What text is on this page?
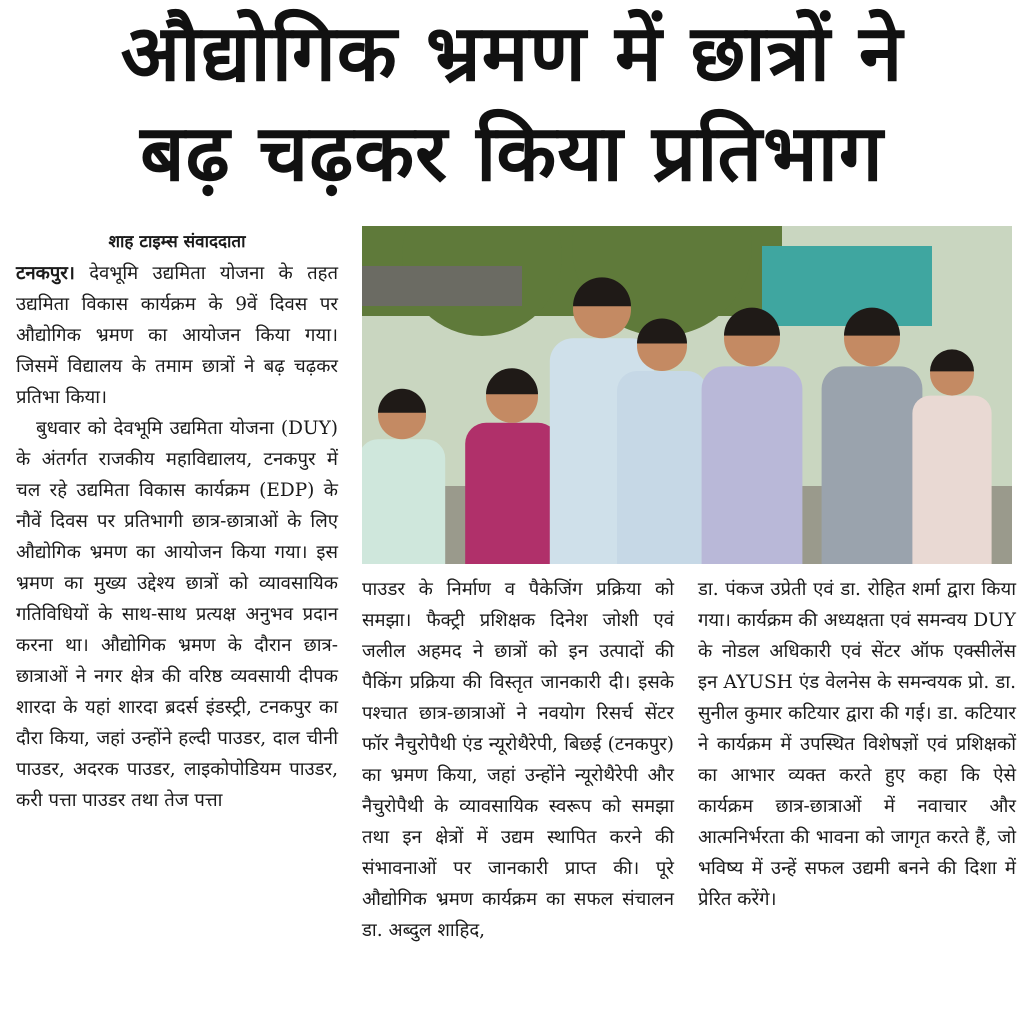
औद्योगिक भ्रमण में छात्रों ने
बढ़ चढ़कर किया प्रतिभाग
शाह टाइम्स संवाददाता

टनकपुर। देवभूमि उद्यमिता योजना के तहत उद्यमिता विकास कार्यक्रम के 9वें दिवस पर औद्योगिक भ्रमण का आयोजन किया गया। जिसमें विद्यालय के तमाम छात्रों ने बढ़ चढ़कर प्रतिभा किया।

बुधवार को देवभूमि उद्यमिता योजना (DUY) के अंतर्गत राजकीय महाविद्यालय, टनकपुर में चल रहे उद्यमिता विकास कार्यक्रम (EDP) के नौवें दिवस पर प्रतिभागी छात्र-छात्राओं के लिए औद्योगिक भ्रमण का आयोजन किया गया। इस भ्रमण का मुख्य उद्देश्य छात्रों को व्यावसायिक गतिविधियों के साथ-साथ प्रत्यक्ष अनुभव प्रदान करना था। औद्योगिक भ्रमण के दौरान छात्र-छात्राओं ने नगर क्षेत्र की वरिष्ठ व्यवसायी दीपक शारदा के यहां शारदा ब्रदर्स इंडस्ट्री, टनकपुर का दौरा किया, जहां उन्होंने हल्दी पाउडर, दाल चीनी पाउडर, अदरक पाउडर, लाइकोपोडियम पाउडर, करी पत्ता पाउडर तथा तेज पत्ता

पाउडर के निर्माण व पैकेजिंग प्रक्रिया को समझा। फैक्ट्री प्रशिक्षक दिनेश जोशी एवं जलील अहमद ने छात्रों को इन उत्पादों की पैकिंग प्रक्रिया की विस्तृत जानकारी दी। इसके पश्चात छात्र-छात्राओं ने नवयोग रिसर्च सेंटर फॉर नैचुरोपैथी एंड न्यूरोथैरेपी, बिछई (टनकपुर) का भ्रमण किया, जहां उन्होंने न्यूरोथैरेपी और नैचुरोपैथी के व्यावसायिक स्वरूप को समझा तथा इन क्षेत्रों में उद्यम स्थापित करने की संभावनाओं पर जानकारी प्राप्त की। पूरे औद्योगिक भ्रमण कार्यक्रम का सफल संचालन डा. अब्दुल शाहिद,

डा. पंकज उप्रेती एवं डा. रोहित शर्मा द्वारा किया गया। कार्यक्रम की अध्यक्षता एवं समन्वय DUY के नोडल अधिकारी एवं सेंटर ऑफ एक्सीलेंस इन AYUSH एंड वेलनेस के समन्वयक प्रो. डा. सुनील कुमार कटियार द्वारा की गई। डा. कटियार ने कार्यक्रम में उपस्थित विशेषज्ञों एवं प्रशिक्षकों का आभार व्यक्त करते हुए कहा कि ऐसे कार्यक्रम छात्र-छात्राओं में नवाचार और आत्मनिर्भरता की भावना को जागृत करते हैं, जो भविष्य में उन्हें सफल उद्यमी बनने की दिशा में प्रेरित करेंगे।
